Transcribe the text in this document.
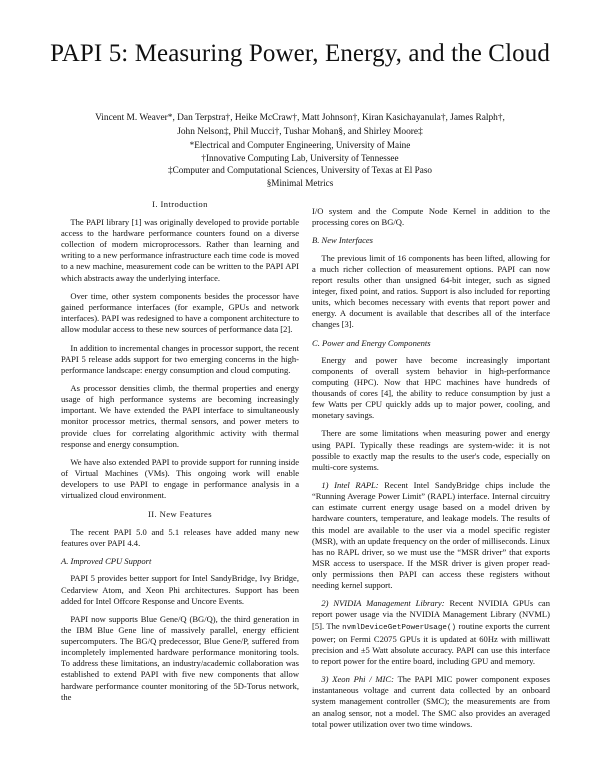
PAPI 5: Measuring Power, Energy, and the Cloud
Vincent M. Weaver*, Dan Terpstra†, Heike McCraw†, Matt Johnson†, Kiran Kasichayanula†, James Ralph†,
John Nelson‡, Phil Mucci†, Tushar Mohan§, and Shirley Moore‡
*Electrical and Computer Engineering, University of Maine
†Innovative Computing Lab, University of Tennessee
‡Computer and Computational Sciences, University of Texas at El Paso
§Minimal Metrics
I. Introduction

The PAPI library [1] was originally developed to provide portable access to the hardware performance counters found on a diverse collection of modern microprocessors. Rather than learning and writing to a new performance infrastructure each time code is moved to a new machine, measurement code can be written to the PAPI API which abstracts away the underlying interface.

Over time, other system components besides the processor have gained performance interfaces (for example, GPUs and network interfaces). PAPI was redesigned to have a component architecture to allow modular access to these new sources of performance data [2].

In addition to incremental changes in processor support, the recent PAPI 5 release adds support for two emerging concerns in the high-performance landscape: energy consumption and cloud computing.

As processor densities climb, the thermal properties and energy usage of high performance systems are becoming increasingly important. We have extended the PAPI interface to simultaneously monitor processor metrics, thermal sensors, and power meters to provide clues for correlating algorithmic activity with thermal response and energy consumption.

We have also extended PAPI to provide support for running inside of Virtual Machines (VMs). This ongoing work will enable developers to use PAPI to engage in performance analysis in a virtualized cloud environment.

II. New Features

The recent PAPI 5.0 and 5.1 releases have added many new features over PAPI 4.4.

A. Improved CPU Support

PAPI 5 provides better support for Intel SandyBridge, Ivy Bridge, Cedarview Atom, and Xeon Phi architectures. Support has been added for Intel Offcore Response and Uncore Events.

PAPI now supports Blue Gene/Q (BG/Q), the third generation in the IBM Blue Gene line of massively parallel, energy efficient supercomputers. The BG/Q predecessor, Blue Gene/P, suffered from incompletely implemented hardware performance monitoring tools. To address these limitations, an industry/academic collaboration was established to extend PAPI with five new components that allow hardware performance counter monitoring of the 5D-Torus network, the

I/O system and the Compute Node Kernel in addition to the processing cores on BG/Q.

B. New Interfaces

The previous limit of 16 components has been lifted, allowing for a much richer collection of measurement options. PAPI can now report results other than unsigned 64-bit integer, such as signed integer, fixed point, and ratios. Support is also included for reporting units, which becomes necessary with events that report power and energy. A document is available that describes all of the interface changes [3].

C. Power and Energy Components

Energy and power have become increasingly important components of overall system behavior in high-performance computing (HPC). Now that HPC machines have hundreds of thousands of cores [4], the ability to reduce consumption by just a few Watts per CPU quickly adds up to major power, cooling, and monetary savings.

There are some limitations when measuring power and energy using PAPI. Typically these readings are system-wide: it is not possible to exactly map the results to the user's code, especially on multi-core systems.

1) Intel RAPL: Recent Intel SandyBridge chips include the “Running Average Power Limit” (RAPL) interface. Internal circuitry can estimate current energy usage based on a model driven by hardware counters, temperature, and leakage models. The results of this model are available to the user via a model specific register (MSR), with an update frequency on the order of milliseconds. Linux has no RAPL driver, so we must use the “MSR driver” that exports MSR access to userspace. If the MSR driver is given proper read-only permissions then PAPI can access these registers without needing kernel support.

2) NVIDIA Management Library: Recent NVIDIA GPUs can report power usage via the NVIDIA Management Library (NVML) [5]. The nvmlDeviceGetPowerUsage() routine exports the current power; on Fermi C2075 GPUs it is updated at 60Hz with milliwatt precision and ±5 Watt absolute accuracy. PAPI can use this interface to report power for the entire board, including GPU and memory.

3) Xeon Phi / MIC: The PAPI MIC power component exposes instantaneous voltage and current data collected by an onboard system management controller (SMC); the measurements are from an analog sensor, not a model. The SMC also provides an averaged total power utilization over two time windows.
